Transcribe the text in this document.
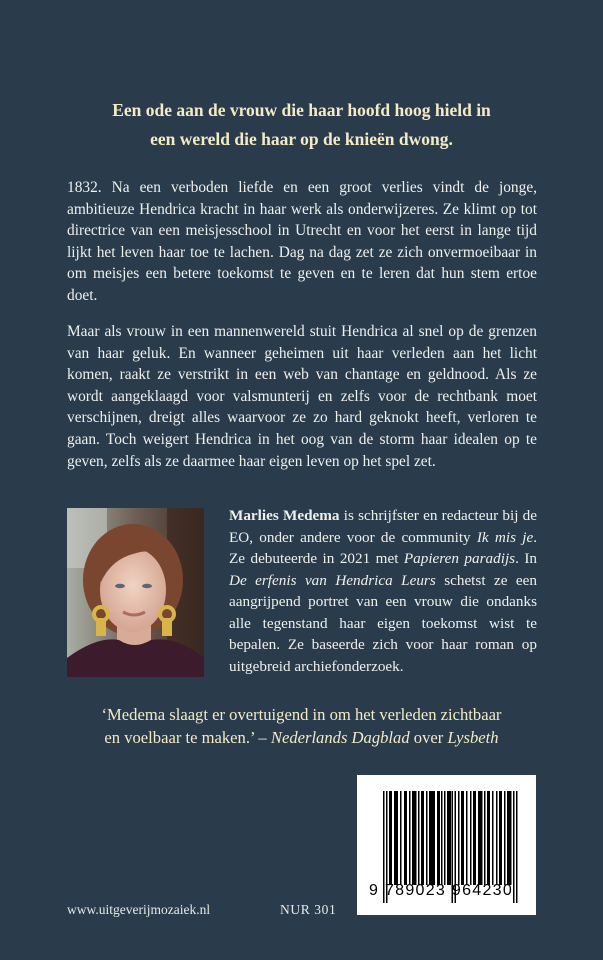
Een ode aan de vrouw die haar hoofd hoog hield in
een wereld die haar op de knieën dwong.

1832. Na een verboden liefde en een groot verlies vindt de jonge, ambitieuze Hendrica kracht in haar werk als onderwijzeres. Ze klimt op tot directrice van een meisjesschool in Utrecht en voor het eerst in lange tijd lijkt het leven haar toe te lachen. Dag na dag zet ze zich onvermoeibaar in om meisjes een betere toekomst te geven en te leren dat hun stem ertoe doet.

Maar als vrouw in een mannenwereld stuit Hendrica al snel op de grenzen van haar geluk. En wanneer geheimen uit haar verleden aan het licht komen, raakt ze verstrikt in een web van chantage en geldnood. Als ze wordt aangeklaagd voor valsmunterij en zelfs voor de rechtbank moet verschijnen, dreigt alles waarvoor ze zo hard geknokt heeft, verloren te gaan. Toch weigert Hendrica in het oog van de storm haar idealen op te geven, zelfs als ze daarmee haar eigen leven op het spel zet.

Marlies Medema is schrijfster en redacteur bij de EO, onder andere voor de community Ik mis je. Ze debuteerde in 2021 met Papieren paradijs. In De erfenis van Hendrica Leurs schetst ze een aangrijpend portret van een vrouw die ondanks alle tegenstand haar eigen toekomst wist te bepalen. Ze baseerde zich voor haar roman op uitgebreid archiefonderzoek.
‘Medema slaagt er overtuigend in om het verleden zichtbaar
en voelbaar te maken.’ – Nederlands Dagblad over Lysbeth
9 789023 964230
www.uitgeverijmozaiek.nl	NUR 301
